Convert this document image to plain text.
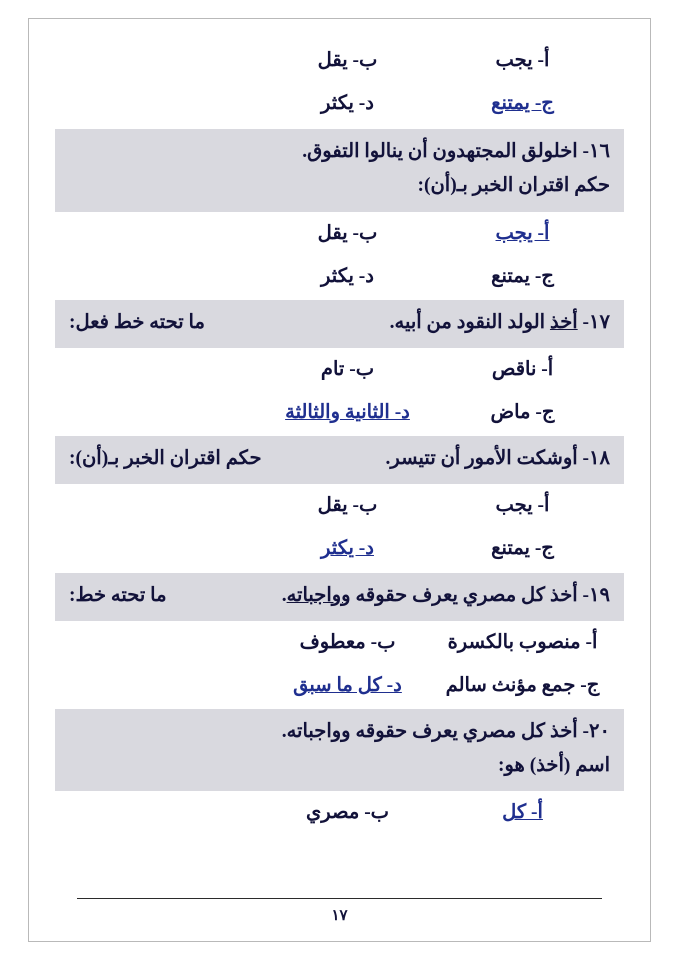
أ- يجب
ب- يقل
ج- يمتنع
د- يكثر
١٦- اخلولق المجتهدون أن ينالوا التفوق.
حكم اقتران الخبر بـ(أن):
أ- يجب
ب- يقل
ج- يمتنع
د- يكثر
١٧- أخذ الولد النقود من أبيه.
ما تحته خط فعل:
أ- ناقص
ب- تام
ج- ماض
د- الثانية والثالثة
١٨- أوشكت الأمور أن تتيسر.
حكم اقتران الخبر بـ(أن):
أ- يجب
ب- يقل
ج- يمتنع
د- يكثر
١٩- أخذ كل مصري يعرف حقوقه وواجباته.
ما تحته خط:
أ- منصوب بالكسرة
ب- معطوف
ج- جمع مؤنث سالم
د- كل ما سبق
٢٠- أخذ كل مصري يعرف حقوقه وواجباته.
اسم (أخذ) هو:
أ- كل
ب- مصري
١٧
